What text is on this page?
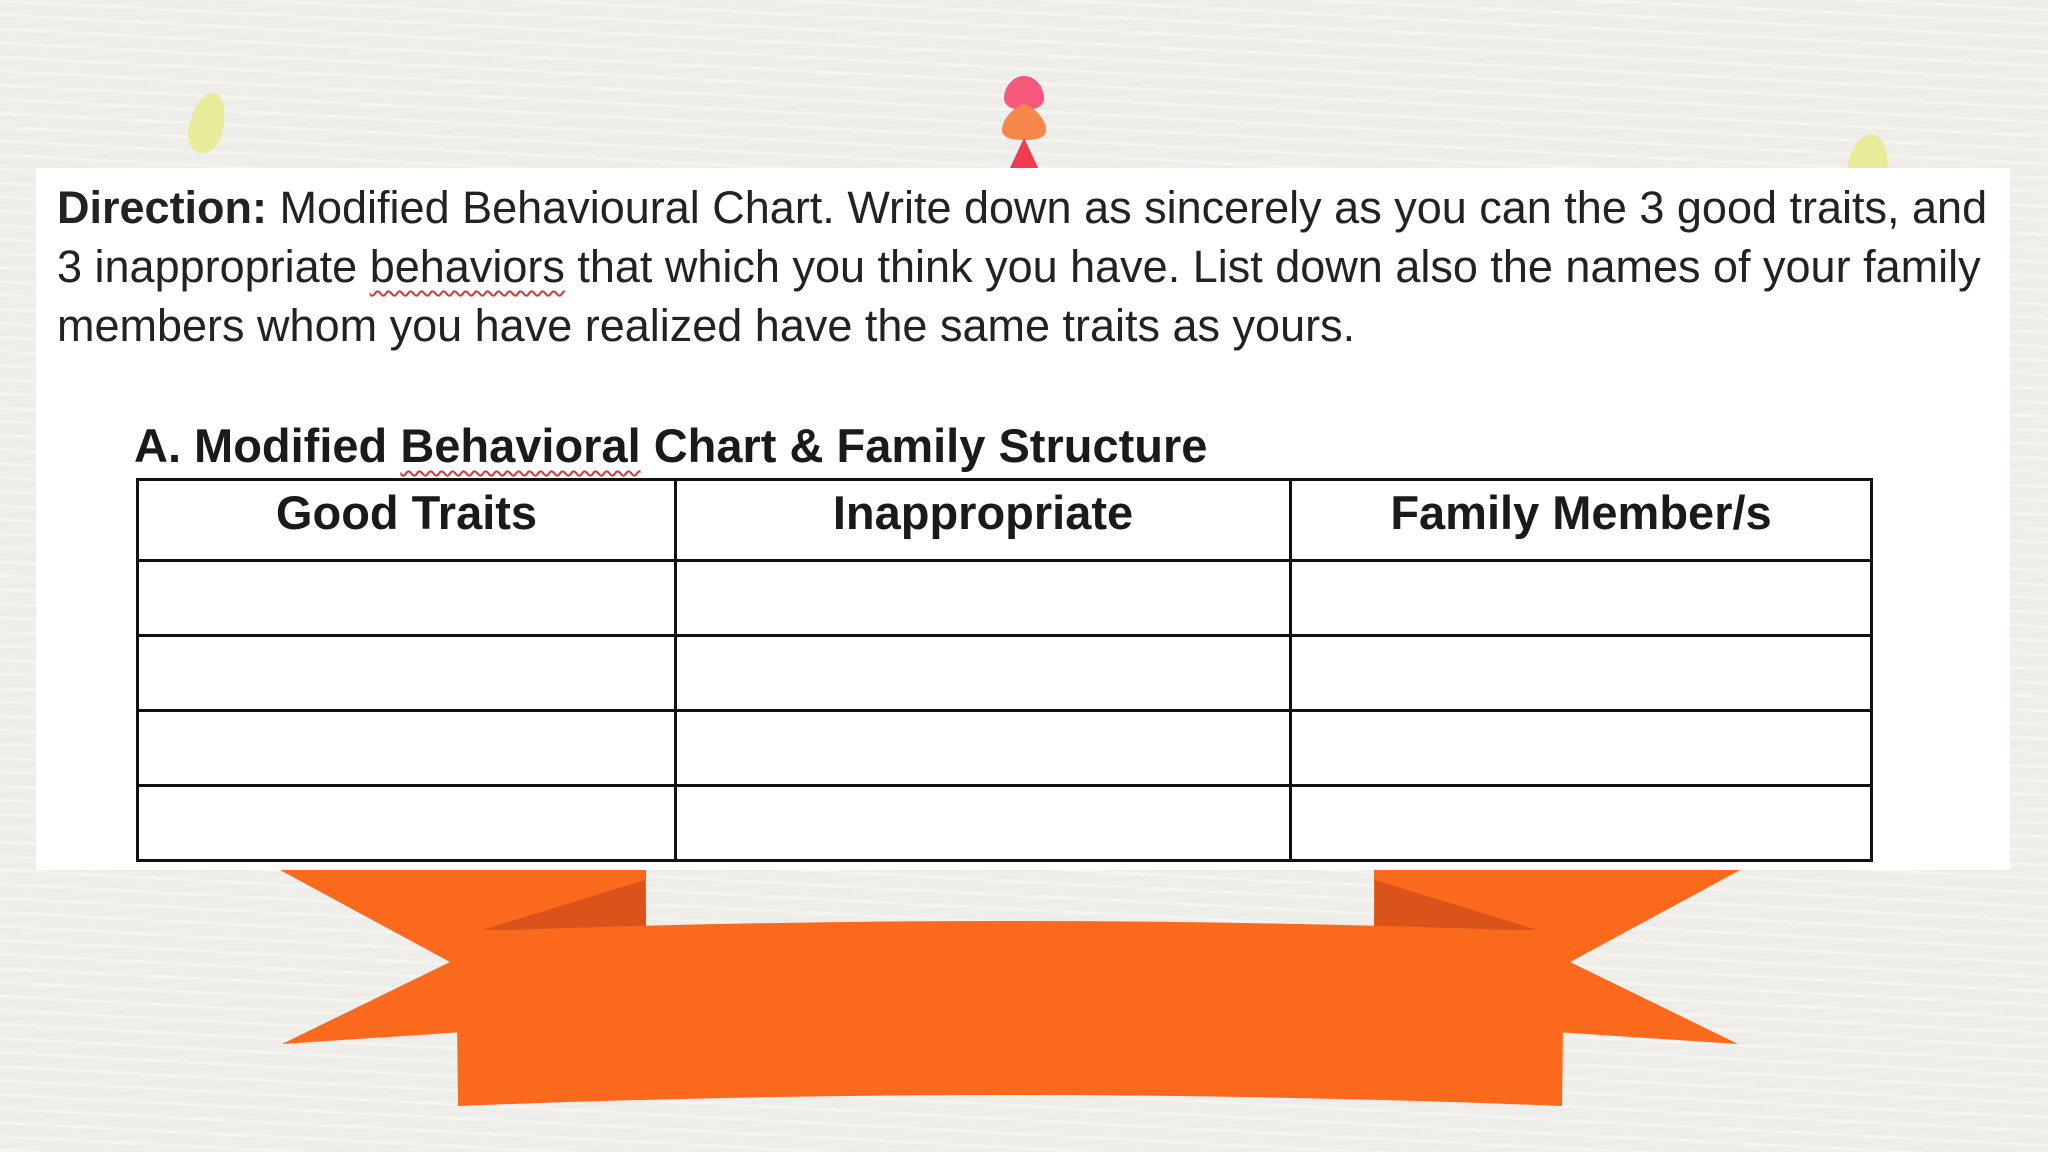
Direction: Modified Behavioural Chart. Write down as sincerely as you can the 3 good traits, and 3 inappropriate behaviors that which you think you have. List down also the names of your family members whom you have realized have the same traits as yours.

A. Modified Behavioral Chart & Family Structure
Good Traits	Inappropriate	Family Member/s
